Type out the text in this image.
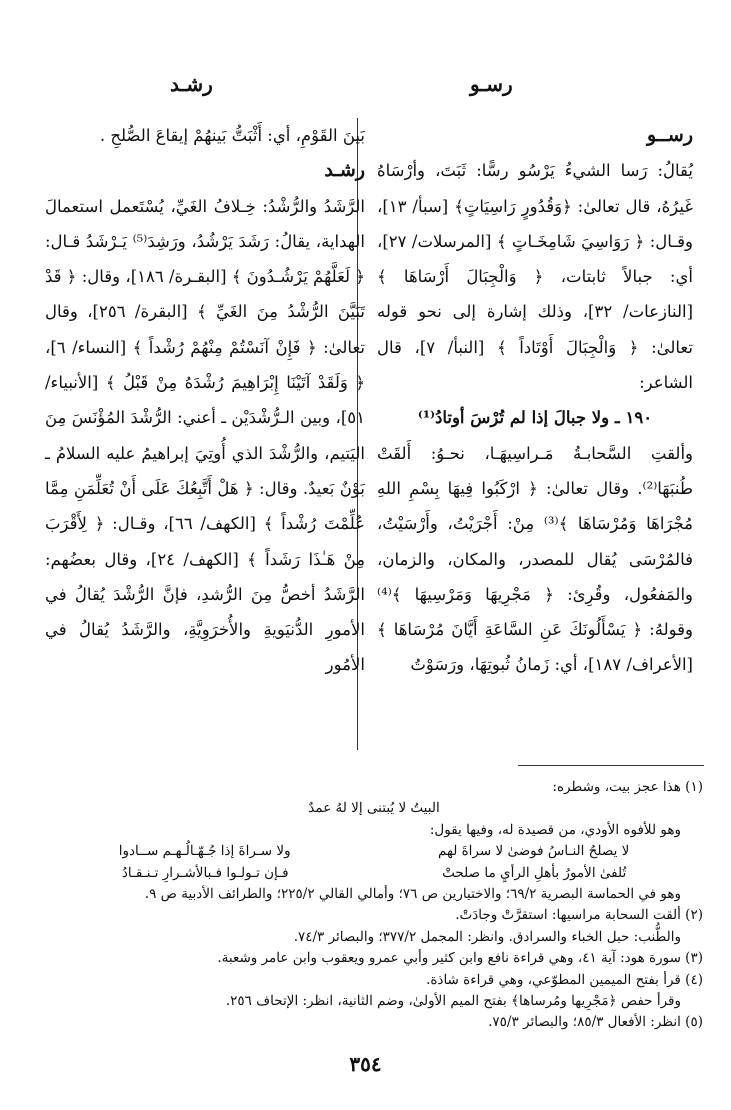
رسـو
رشـد

رســو

يُقالُ: رَسا الشيءُ يَرْسُو رسًّا: ثَبَتَ، وأرْسَاهُ غَيرُهُ، قال تعالىٰ: ﴿وَقُدُورٍ رَاسِيَاتٍ﴾ [سبأ/ ١٣]، وقـال: ﴿ رَوَاسِيَ شَامِخَـاتٍ ﴾ [المرسلات/ ٢٧]، أي: جبالاً ثابتات، ﴿ وَالْجِبَالَ أَرْسَاهَا ﴾ [النازعات/ ٣٢]، وذلك إشارة إلى نحو قوله تعالىٰ: ﴿ وَالْجِبَالَ أَوْتَاداً ﴾ [النبأ/ ٧]، قال الشاعر:

١٩٠ ـ ولا جبالَ إذا لم تُرْسَ أوتادُ⁽¹⁾

وألقتِ السَّحابـةُ مَـراسِيهَـا، نحـوُ: أَلقَتْ طُنبَهَا⁽²⁾. وقال تعالىٰ: ﴿ ارْكَبُوا فِيهَا بِسْمِ اللهِ مُجْرَاهَا وَمُرْسَاهَا ﴾⁽³⁾ مِنْ: أَجْرَيْتُ، وأَرْسَيْتُ، فالمُرْسَى يُقال للمصدر، والمكان، والزمان، والمَفعُول، وقُرِئ: ﴿ مَجْرِيهَا وَمَرْسِيهَا ﴾⁽⁴⁾ وقولهُ: ﴿ يَسْأَلُونَكَ عَنِ السَّاعَةِ أَيَّانَ مُرْسَاهَا ﴾ [الأعراف/ ١٨٧]، أي: زَمانُ ثُبوتِهَا، ورَسَوْتُ

بَينَ القَوْمِ، أي: أَثْبَتُّ بَينهُمْ إيقاعَ الصُّلحِ .

رشـد

الرَّشَدُ والرُّشْدُ: خِـلافُ الغَيِّ، يُسْتَعمل استعمالَ الهداية، يقالُ: رَشَدَ يَرْشُدُ، ورَشِدَ⁽⁵⁾ يَـرْشَدُ قـال: ﴿ لَعَلَّهُمْ يَرْشُـدُونَ ﴾ [البقـرة/ ١٨٦]، وقال: ﴿ قَدْ تَبَيَّنَ الرُّشْدُ مِنَ الغَيِّ ﴾ [البقرة/ ٢٥٦]، وقال تعالىٰ: ﴿ فَإِنْ آنَسْتُمْ مِنْهُمْ رُشْداً ﴾ [النساء/ ٦]، ﴿ وَلَقَدْ آتَيْنَا إِبْرَاهِيمَ رُشْدَهُ مِنْ قَبْلُ ﴾ [الأنبياء/ ٥١]، وبين الـرُّشْدَيْن ـ أعني: الرُّشْدَ المُؤْنَسَ مِنَ اليَتيم، والرُّشْدَ الذي أُوتِيَ إبراهيمُ عليه السلامُ ـ بَوْنٌ بَعيدٌ. وقال: ﴿ هَلْ أَتَّبِعُكَ عَلَى أَنْ تُعَلِّمَنِ مِمَّا عُلِّمْتَ رُشْداً ﴾ [الكهف/ ٦٦]، وقـال: ﴿ لِأَقْرَبَ مِنْ هَـٰذَا رَشَداً ﴾ [الكهف/ ٢٤]، وقال بعضُهم: الرَّشَدُ أخصُّ مِنَ الرُّشدِ، فإنَّ الرُّشْدَ يُقالُ في الأمورِ الدُّنيَويةِ والأُخرَوِيَّةِ، والرَّشَدُ يُقالُ في الأمُور

(١) هذا عجز بيت، وشطره:

البيتُ لا يُبتنى إلا لهُ عمدٌ

وهو للأفوه الأودي، من قصيدة له، وفيها يقول:

لا يصلحُ النـاسُ فوضىٰ لا سراةَ لهم
ولا سـراةَ إذا جُـهّـالُـهـم ســادوا
تُلفىٰ الأمورُ بأهلِ الرأيِ ما صلحتْ
فـإن تـولـوا فـبالأشـرارِ تـنـقـادُ

وهو في الحماسة البصرية ٦٩/٢؛ والاختيارين ص ٧٦؛ وأمالي القالي ٢٢٥/٢؛ والطرائف الأدبية ص ٩.

(٢) ألقت السحابة مراسيها: استقرَّتْ وجادَتْ.

والطُّنب: حبل الخباء والسرادق. وانظر: المجمل ٣٧٧/٢؛ والبصائر ٧٤/٣.

(٣) سورة هود: آية ٤١، وهي قراءة نافع وابن كثير وأبي عمرو ويعقوب وابن عامر وشعبة.

(٤) قرأ بفتح الميمين المطوّعي، وهي قراءة شاذة.

وقرأ حفص ﴿مَجْرِيها ومُرساها﴾ بفتح الميم الأولىٰ، وضم الثانية، انظر: الإتحاف ٢٥٦.

(٥) انظر: الأفعال ٨٥/٣؛ والبصائر ٧٥/٣.

٣٥٤
